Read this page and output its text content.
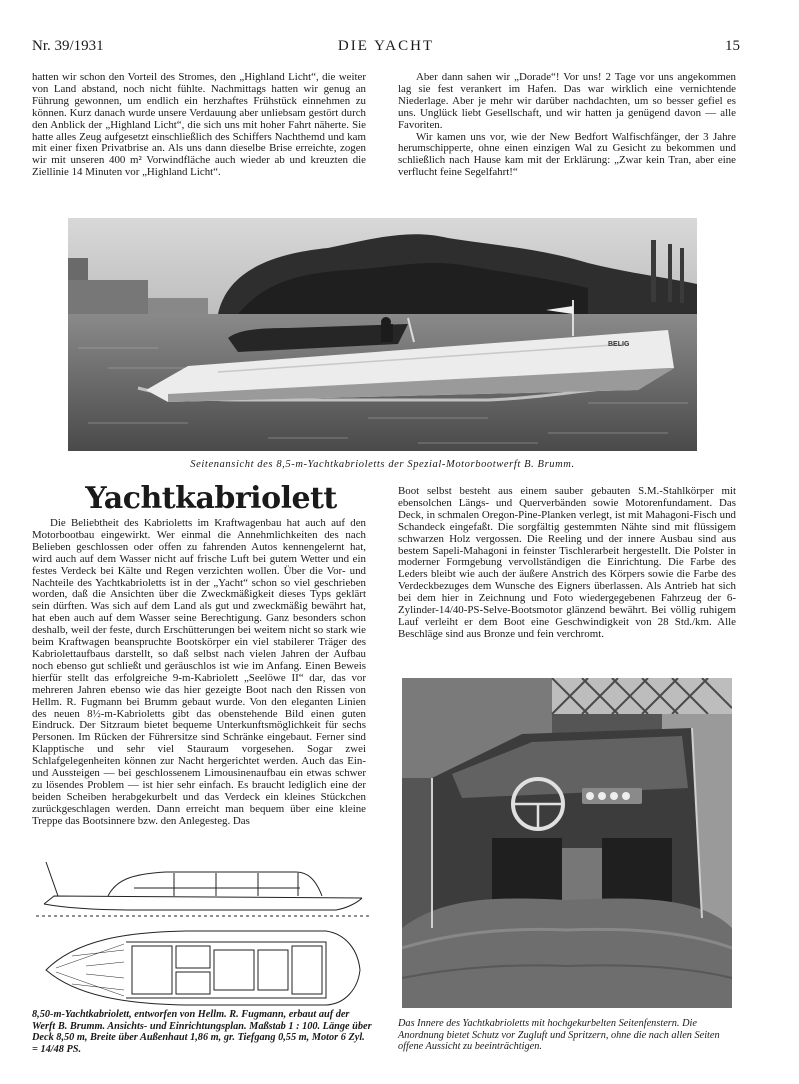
Nr. 39/1931	DIE YACHT	15

hatten wir schon den Vorteil des Stromes, den „Highland Licht“, die weiter von Land abstand, noch nicht fühlte. Nachmittags hatten wir genug an Führung gewonnen, um endlich ein herzhaftes Frühstück einnehmen zu können. Kurz danach wurde unsere Verdauung aber unliebsam gestört durch den Anblick der „Highland Licht“, die sich uns mit hoher Fahrt näherte. Sie hatte alles Zeug aufgesetzt einschließlich des Schiffers Nachthemd und kam mit einer fixen Privatbrise an. Als uns dann dieselbe Brise erreichte, zogen wir mit unseren 400 m² Vorwindfläche auch wieder ab und kreuzten die Ziellinie 14 Minuten vor „Highland Licht“.

Aber dann sahen wir „Dorade“! Vor uns! 2 Tage vor uns angekommen lag sie fest verankert im Hafen. Das war wirklich eine vernichtende Niederlage. Aber je mehr wir darüber nachdachten, um so besser gefiel es uns. Unglück liebt Gesellschaft, und wir hatten ja genügend davon — alle Favoriten.

Wir kamen uns vor, wie der New Bedfort Walfischfänger, der 3 Jahre herumschipperte, ohne einen einzigen Wal zu Gesicht zu bekommen und schließlich nach Hause kam mit der Erklärung: „Zwar kein Tran, aber eine verflucht feine Segelfahrt!“

BELIG
Seitenansicht des 8,5-m-Yachtkabrioletts der Spezial-Motorbootwerft B. Brumm.
Yachtkabriolett

Die Beliebtheit des Kabrioletts im Kraftwagenbau hat auch auf den Motorbootbau eingewirkt. Wer einmal die Annehmlichkeiten des nach Belieben geschlossen oder offen zu fahrenden Autos kennengelernt hat, wird auch auf dem Wasser nicht auf frische Luft bei gutem Wetter und ein festes Verdeck bei Kälte und Regen verzichten wollen. Über die Vor- und Nachteile des Yachtkabrioletts ist in der „Yacht“ schon so viel geschrieben worden, daß die Ansichten über die Zweckmäßigkeit dieses Typs geklärt sein dürften. Was sich auf dem Land als gut und zweckmäßig bewährt hat, hat eben auch auf dem Wasser seine Berechtigung. Ganz besonders schon deshalb, weil der feste, durch Erschütterungen bei weitem nicht so stark wie beim Kraftwagen beanspruchte Bootskörper ein viel stabilerer Träger des Kabriolettaufbaus darstellt, so daß selbst nach vielen Jahren der Aufbau noch ebenso gut schließt und geräuschlos ist wie im Anfang. Einen Beweis hierfür stellt das erfolgreiche 9-m-Kabriolett „Seelöwe II“ dar, das vor mehreren Jahren ebenso wie das hier gezeigte Boot nach den Rissen von Hellm. R. Fugmann bei Brumm gebaut wurde. Von den eleganten Linien des neuen 8½-m-Kabrioletts gibt das obenstehende Bild einen guten Eindruck. Der Sitzraum bietet bequeme Unterkunftsmöglichkeit für sechs Personen. Im Rücken der Führersitze sind Schränke eingebaut. Ferner sind Klapptische und sehr viel Stauraum vorgesehen. Sogar zwei Schlafgelegenheiten können zur Nacht hergerichtet werden. Auch das Ein- und Aussteigen — bei geschlossenem Limousinenaufbau ein etwas schwer zu lösendes Problem — ist hier sehr einfach. Es braucht lediglich eine der beiden Scheiben herabgekurbelt und das Verdeck ein kleines Stückchen zurückgeschlagen werden. Dann erreicht man bequem über eine kleine Treppe das Bootsinnere bzw. den Anlegesteg. Das

Boot selbst besteht aus einem sauber gebauten S.M.-Stahlkörper mit ebensolchen Längs- und Querverbänden sowie Motorenfundament. Das Deck, in schmalen Oregon-Pine-Planken verlegt, ist mit Mahagoni-Fisch und Schandeck eingefaßt. Die sorgfältig gestemmten Nähte sind mit flüssigem schwarzen Holz vergossen. Die Reeling und der innere Ausbau sind aus bestem Sapeli-Mahagoni in feinster Tischlerarbeit hergestellt. Die Polster in moderner Formgebung vervollständigen die Einrichtung. Die Farbe des Leders bleibt wie auch der äußere Anstrich des Körpers sowie die Farbe des Verdeckbezuges dem Wunsche des Eigners überlassen. Als Antrieb hat sich bei dem hier in Zeichnung und Foto wiedergegebenen Fahrzeug der 6-Zylinder-14/40-PS-Selve-Bootsmotor glänzend bewährt. Bei völlig ruhigem Lauf verleiht er dem Boot eine Geschwindigkeit von 28 Std./km. Alle Beschläge sind aus Bronze und fein verchromt.

8,50-m-Yachtkabriolett, entworfen von Hellm. R. Fugmann, erbaut auf der Werft B. Brumm. Ansichts- und Einrichtungsplan. Maßstab 1 : 100. Länge über Deck 8,50 m, Breite über Außenhaut 1,86 m, gr. Tiefgang 0,55 m, Motor 6 Zyl. = 14/48 PS.
Das Innere des Yachtkabrioletts mit hochgekurbelten Seitenfenstern. Die Anordnung bietet Schutz vor Zugluft und Spritzern, ohne die nach allen Seiten offene Aussicht zu beeinträchtigen.
